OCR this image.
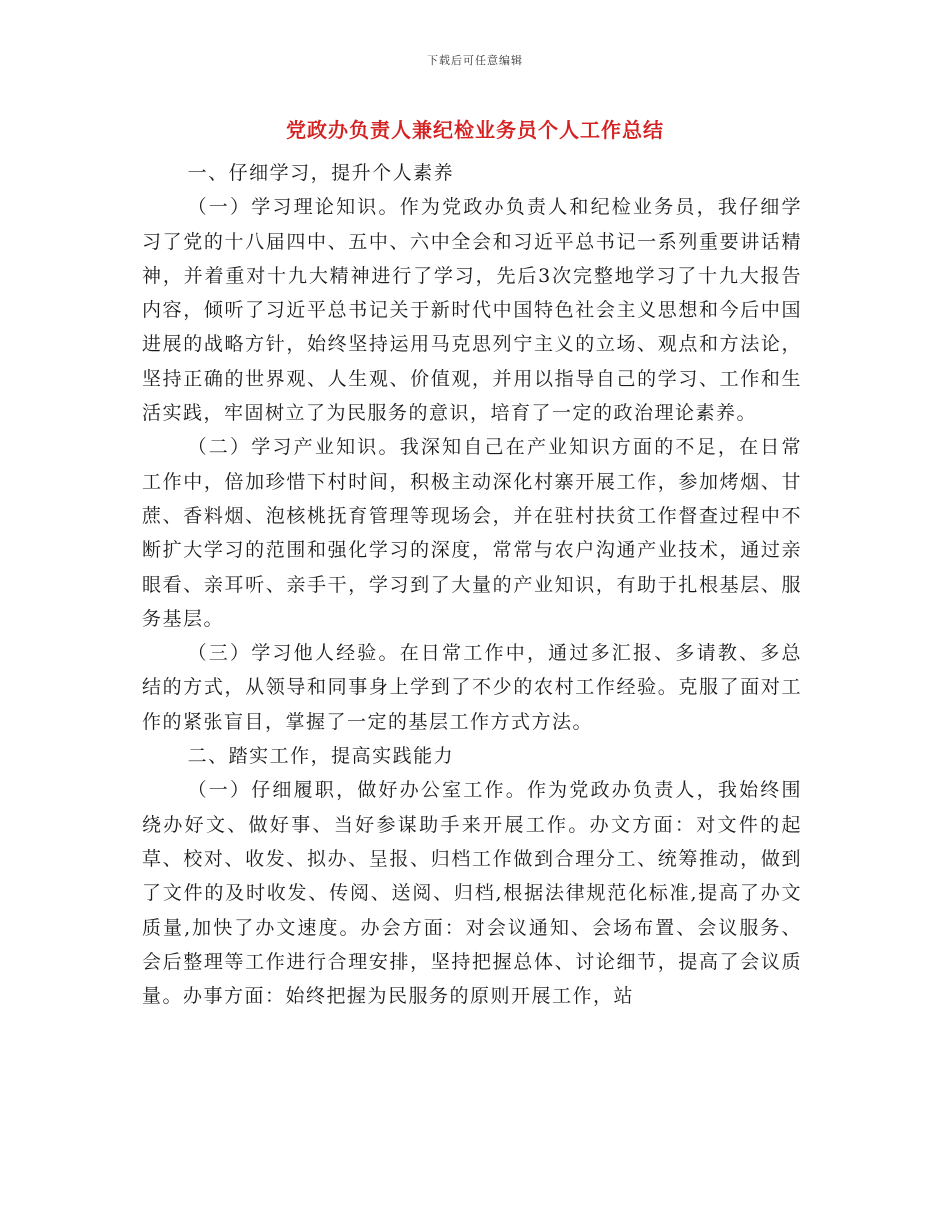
下载后可任意编辑
党政办负责人兼纪检业务员个人工作总结

一、仔细学习，提升个人素养

（一）学习理论知识。作为党政办负责人和纪检业务员，我仔细学习了党的十八届四中、五中、六中全会和习近平总书记一系列重要讲话精神，并着重对十九大精神进行了学习，先后3次完整地学习了十九大报告内容，倾听了习近平总书记关于新时代中国特色社会主义思想和今后中国进展的战略方针，始终坚持运用马克思列宁主义的立场、观点和方法论，坚持正确的世界观、人生观、价值观，并用以指导自己的学习、工作和生活实践，牢固树立了为民服务的意识，培育了一定的政治理论素养。

（二）学习产业知识。我深知自己在产业知识方面的不足，在日常工作中，倍加珍惜下村时间，积极主动深化村寨开展工作，参加烤烟、甘蔗、香料烟、泡核桃抚育管理等现场会，并在驻村扶贫工作督查过程中不断扩大学习的范围和强化学习的深度，常常与农户沟通产业技术，通过亲眼看、亲耳听、亲手干，学习到了大量的产业知识，有助于扎根基层、服务基层。

（三）学习他人经验。在日常工作中，通过多汇报、多请教、多总结的方式，从领导和同事身上学到了不少的农村工作经验。克服了面对工作的紧张盲目，掌握了一定的基层工作方式方法。

二、踏实工作，提高实践能力

（一）仔细履职，做好办公室工作。作为党政办负责人，我始终围绕办好文、做好事、当好参谋助手来开展工作。办文方面：对文件的起草、校对、收发、拟办、呈报、归档工作做到合理分工、统筹推动，做到了文件的及时收发、传阅、送阅、归档,根据法律规范化标准,提高了办文质量,加快了办文速度。办会方面：对会议通知、会场布置、会议服务、会后整理等工作进行合理安排，坚持把握总体、讨论细节，提高了会议质量。办事方面：始终把握为民服务的原则开展工作，站
